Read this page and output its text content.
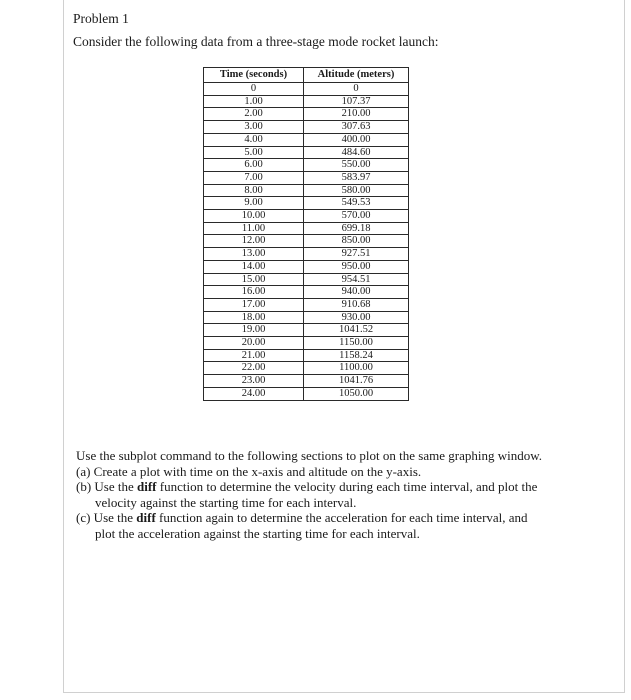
Problem 1
Consider the following data from a three-stage mode rocket launch:
Time (seconds)	Altitude (meters)
0	0
1.00	107.37
2.00	210.00
3.00	307.63
4.00	400.00
5.00	484.60
6.00	550.00
7.00	583.97
8.00	580.00
9.00	549.53
10.00	570.00
11.00	699.18
12.00	850.00
13.00	927.51
14.00	950.00
15.00	954.51
16.00	940.00
17.00	910.68
18.00	930.00
19.00	1041.52
20.00	1150.00
21.00	1158.24
22.00	1100.00
23.00	1041.76
24.00	1050.00

Use the subplot command to the following sections to plot on the same graphing window.

(a) Create a plot with time on the x-axis and altitude on the y-axis.

(b) Use the diff function to determine the velocity during each time interval, and plot the velocity against the starting time for each interval.

(c) Use the diff function again to determine the acceleration for each time interval, and plot the acceleration against the starting time for each interval.
